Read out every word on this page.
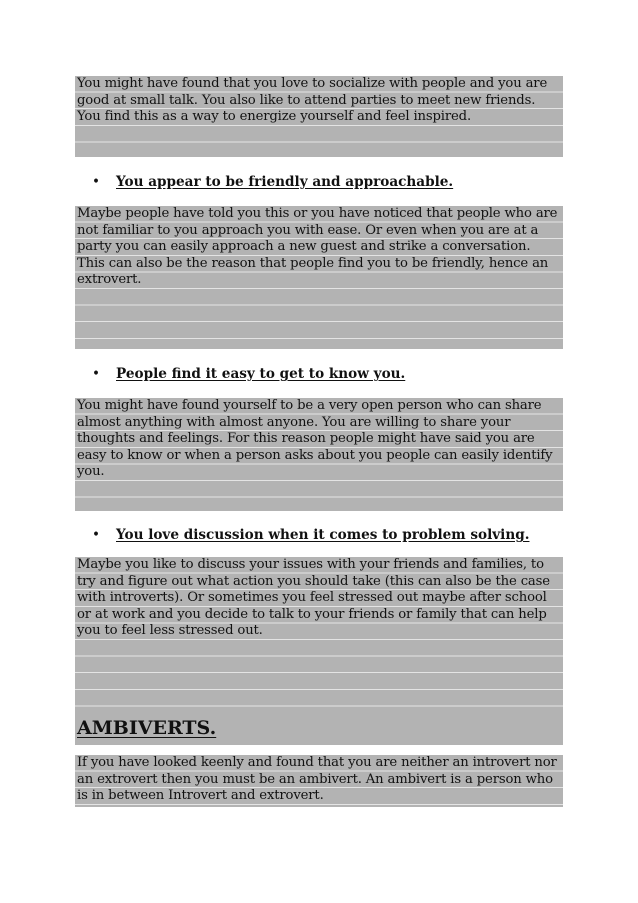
You might have found that you love to socialize with people and you are good at small talk. You also like to attend parties to meet new friends. You find this as a way to energize yourself and feel inspired.

• You appear to be friendly and approachable.

Maybe people have told you this or you have noticed that people who are not familiar to you approach you with ease. Or even when you are at a party you can easily approach a new guest and strike a conversation. This can also be the reason that people find you to be friendly, hence an extrovert.

• People find it easy to get to know you.

You might have found yourself to be a very open person who can share almost anything with almost anyone. You are willing to share your thoughts and feelings. For this reason people might have said you are easy to know or when a person asks about you people can easily identify you.

• You love discussion when it comes to problem solving.

Maybe you like to discuss your issues with your friends and families, to try and figure out what action you should take (this can also be the case with introverts). Or sometimes you feel stressed out maybe after school or at work and you decide to talk to your friends or family that can help you to feel less stressed out.

AMBIVERTS.

If you have looked keenly and found that you are neither an introvert nor an extrovert then you must be an ambivert. An ambivert is a person who is in between Introvert and extrovert.
